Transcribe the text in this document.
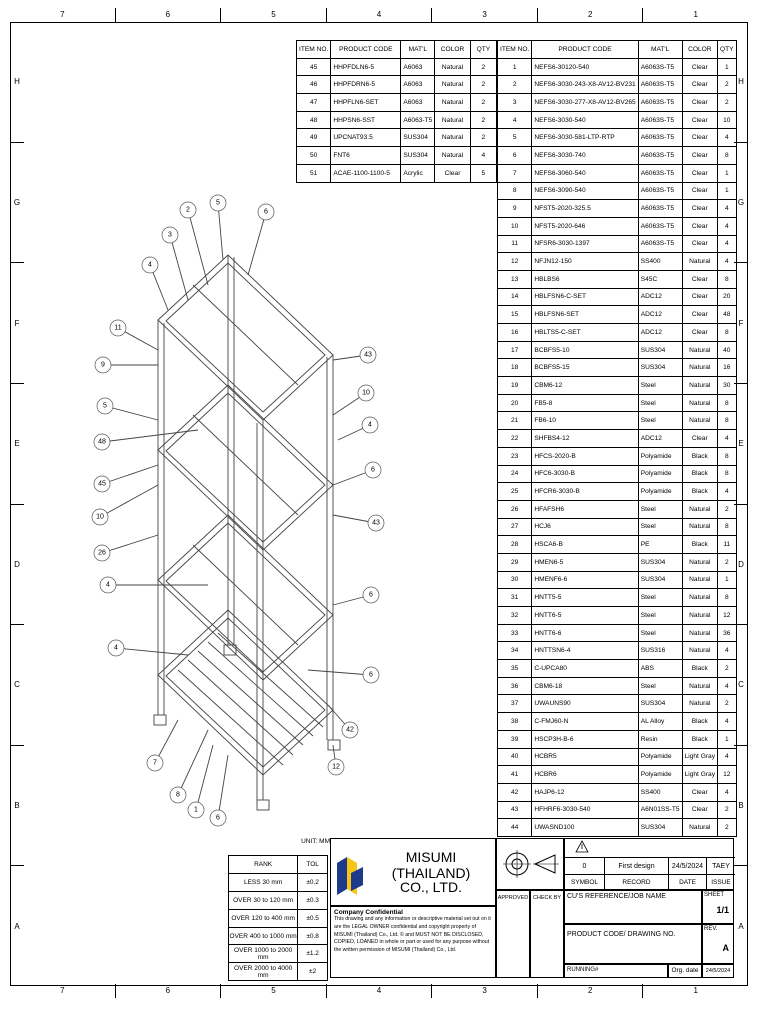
7	6	5	4	3	2	1
7	6	5	4	3	2	1
H
G
F
E
D
C
B
A
H
G
F
E
D
C
B
A
ITEM NO.	PRODUCT CODE	MAT'L	COLOR	QTY
45	HHPFDLN6-5	A6063	Natural	2
46	HHPFDRN6-5	A6063	Natural	2
47	HHPFLN6-SET	A6063	Natural	2
48	HHPSN6-SST	A6063-T5	Natural	2
49	UPCNAT93.5	SUS304	Natural	2
50	FNT6	SUS304	Natural	4
51	ACAE-1100-1100-5	Acrylic	Clear	5
ITEM NO.	PRODUCT CODE	MAT'L	COLOR	QTY
1	NEFS6-30120-540	A6063S-T5	Clear	1
2	NEFS6-3030-243-X8-AV12-BV231	A6063S-T5	Clear	2
3	NEFS6-3030-277-X8-AV12-BV265	A6063S-T5	Clear	2
4	NEFS6-3030-540	A6063S-T5	Clear	10
5	NEFS6-3030-581-LTP-RTP	A6063S-T5	Clear	4
6	NEFS6-3030-740	A6063S-T5	Clear	8
7	NEFS6-3060-540	A6063S-T5	Clear	1
8	NEFS6-3090-540	A6063S-T5	Clear	1
9	NFST5-2020-325.5	A6063S-T5	Clear	4
10	NFST5-2020-646	A6063S-T5	Clear	4
11	NFSR6-3030-1397	A6063S-T5	Clear	4
12	NFJN12-150	SS400	Natural	4
13	HBLBS6	S45C	Clear	8
14	HBLFSN6-C-SET	ADC12	Clear	20
15	HBLFSN6-SET	ADC12	Clear	48
16	HBLTS5-C-SET	ADC12	Clear	8
17	BCBFS5-10	SUS304	Natural	40
18	BCBFS5-15	SUS304	Natural	16
19	CBM6-12	Steel	Natural	30
20	FB5-8	Steel	Natural	8
21	FB6-10	Steel	Natural	8
22	SHFBS4-12	ADC12	Clear	4
23	HFCS-2020-B	Polyamide	Black	8
24	HFC6-3030-B	Polyamide	Black	8
25	HFCR6-3030-B	Polyamide	Black	4
26	HFAFSH6	Steel	Natural	2
27	HCJ6	Steel	Natural	8
28	HSCA6-B	PE	Black	11
29	HMEN6-5	SUS304	Natural	2
30	HMENF6-6	SUS304	Natural	1
31	HNTT5-5	Steel	Natural	8
32	HNTT6-5	Steel	Natural	12
33	HNTT6-6	Steel	Natural	36
34	HNTTSN6-4	SUS316	Natural	4
35	C-UPCA80	ABS	Black	2
36	CBM6-18	Steel	Natural	4
37	UWAUNS90	SUS304	Natural	2
38	C-FMJ60-N	AL Alloy	Black	4
39	HSCP3H-B-6	Resin	Black	1
40	HCBR5	Polyamide	Light Gray	4
41	HCBR6	Polyamide	Light Gray	12
42	HAJP6-12	SS400	Clear	4
43	HFHRF6-3030-540	A6N01SS-T5	Clear	2
44	UWASND100	SUS304	Natural	2
2
5
6
3
4
11
9
43
5
10
48
4
45
6
10
43
26
4
6
4
6
42
7
12
8
1
6
UNIT: MM
RANK	TOL
LESS 30 mm	±0.2
OVER 30 to 120 mm	±0.3
OVER 120 to 400 mm	±0.5
OVER 400 to 1000 mm	±0.8
OVER 1000 to 2000 mm	±1.2
OVER 2000 to 4000 mm	±2
MISUMI (THAILAND)
CO., LTD.
Company Confidential
This drawing and any information or descriptive material set out on it are the LEGAL OWNER confidential and copyright property of MISUMI (Thailand) Co., Ltd. © and MUST NOT BE DISCLOSED, COPIED, LOANED in whole or part or used for any purpose without the written permission of MISUMI (Thailand) Co., Ltd.
0	First design	24/5/2024	TAEY
SYMBOL	RECORD	DATE	ISSUE
APPROVED CHECK BY CU'S REFERENCE/JOB NAME	SHEET
1/1
PRODUCT CODE/ DRAWING NO.
REV.
A
RUNNING#	Org. date	24/5/2024
